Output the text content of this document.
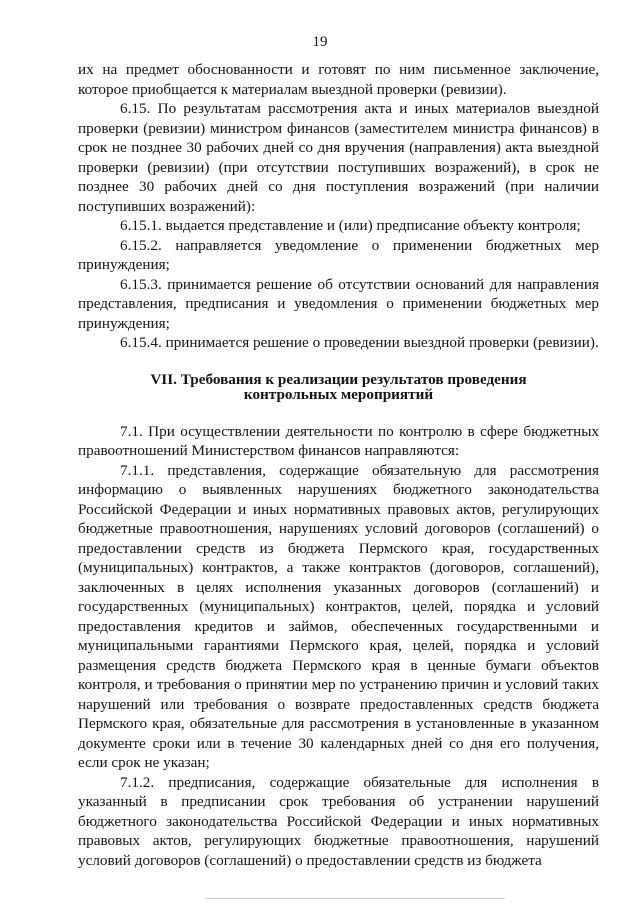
19

их на предмет обоснованности и готовят по ним письменное заключение, которое приобщается к материалам выездной проверки (ревизии).

6.15. По результатам рассмотрения акта и иных материалов выездной проверки (ревизии) министром финансов (заместителем министра финансов) в срок не позднее 30 рабочих дней со дня вручения (направления) акта выездной проверки (ревизии) (при отсутствии поступивших возражений), в срок не позднее 30 рабочих дней со дня поступления возражений (при наличии поступивших возражений):

6.15.1. выдается представление и (или) предписание объекту контроля;

6.15.2. направляется уведомление о применении бюджетных мер принуждения;

6.15.3. принимается решение об отсутствии оснований для направления представления, предписания и уведомления о применении бюджетных мер принуждения;

6.15.4. принимается решение о проведении выездной проверки (ревизии).

VII. Требования к реализации результатов проведения
контрольных мероприятий

7.1. При осуществлении деятельности по контролю в сфере бюджетных правоотношений Министерством финансов направляются:

7.1.1. представления, содержащие обязательную для рассмотрения информацию о выявленных нарушениях бюджетного законодательства Российской Федерации и иных нормативных правовых актов, регулирующих бюджетные правоотношения, нарушениях условий договоров (соглашений) о предоставлении средств из бюджета Пермского края, государственных (муниципальных) контрактов, а также контрактов (договоров, соглашений), заключенных в целях исполнения указанных договоров (соглашений) и государственных (муниципальных) контрактов, целей, порядка и условий предоставления кредитов и займов, обеспеченных государственными и муниципальными гарантиями Пермского края, целей, порядка и условий размещения средств бюджета Пермского края в ценные бумаги объектов контроля, и требования о принятии мер по устранению причин и условий таких нарушений или требования о возврате предоставленных средств бюджета Пермского края, обязательные для рассмотрения в установленные в указанном документе сроки или в течение 30 календарных дней со дня его получения, если срок не указан;

7.1.2. предписания, содержащие обязательные для исполнения в указанный в предписании срок требования об устранении нарушений бюджетного законодательства Российской Федерации и иных нормативных правовых актов, регулирующих бюджетные правоотношения, нарушений условий договоров (соглашений) о предоставлении средств из бюджета
